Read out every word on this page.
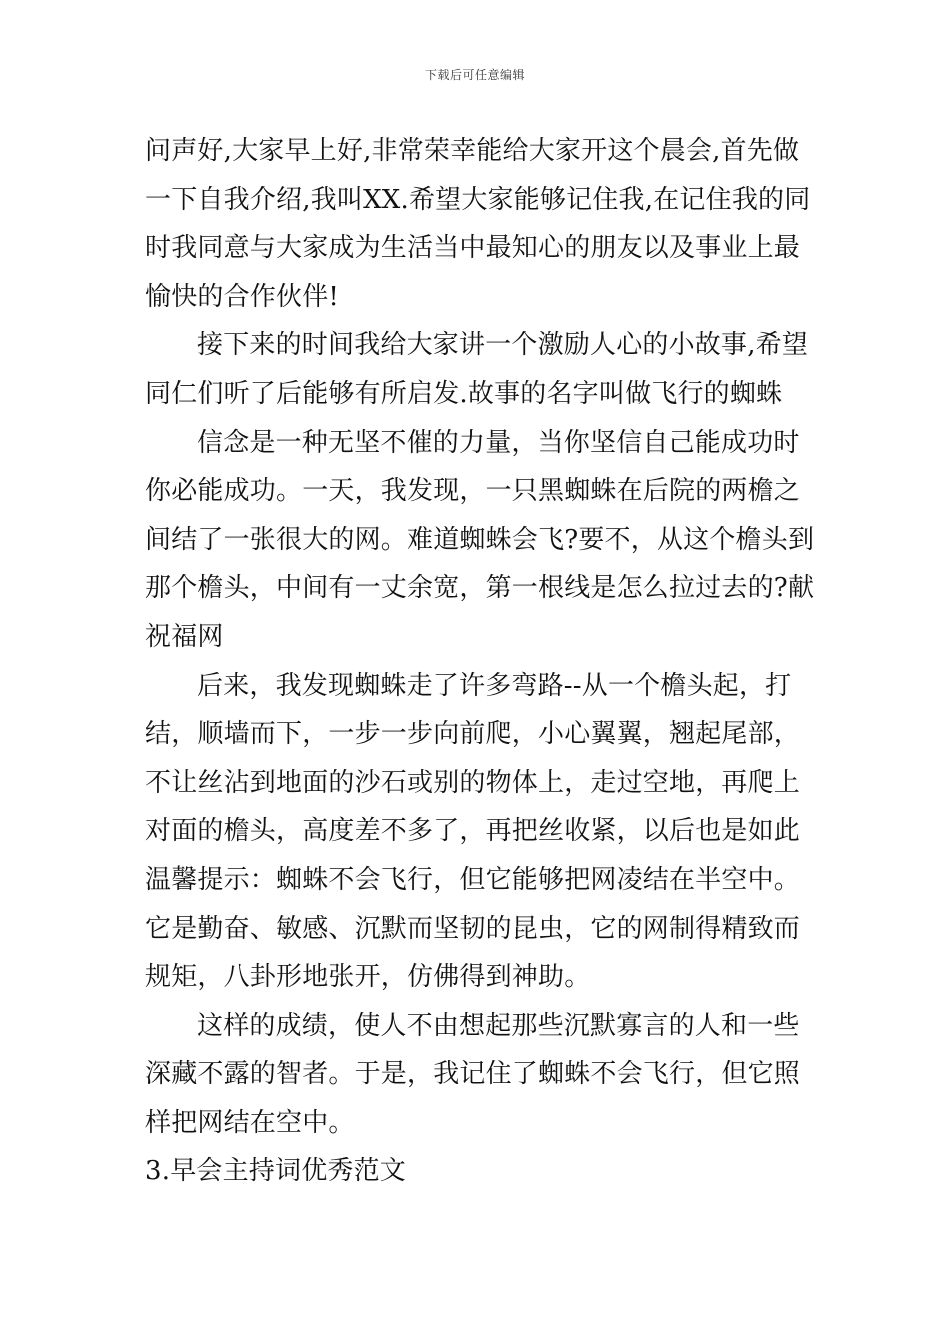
下载后可任意编辑
问声好,大家早上好,非常荣幸能给大家开这个晨会,首先做
一下自我介绍,我叫XX.希望大家能够记住我,在记住我的同
时我同意与大家成为生活当中最知心的朋友以及事业上最
愉快的合作伙伴!
接下来的时间我给大家讲一个激励人心的小故事,希望
同仁们听了后能够有所启发.故事的名字叫做飞行的蜘蛛
信念是一种无坚不催的力量，当你坚信自己能成功时
你必能成功。一天，我发现，一只黑蜘蛛在后院的两檐之
间结了一张很大的网。难道蜘蛛会飞?要不，从这个檐头到
那个檐头，中间有一丈余宽，第一根线是怎么拉过去的?献
祝福网
后来，我发现蜘蛛走了许多弯路--从一个檐头起，打
结，顺墙而下，一步一步向前爬，小心翼翼，翘起尾部，
不让丝沾到地面的沙石或别的物体上，走过空地，再爬上
对面的檐头，高度差不多了，再把丝收紧，以后也是如此
温馨提示：蜘蛛不会飞行，但它能够把网凌结在半空中。
它是勤奋、敏感、沉默而坚韧的昆虫，它的网制得精致而
规矩，八卦形地张开，仿佛得到神助。
这样的成绩，使人不由想起那些沉默寡言的人和一些
深藏不露的智者。于是，我记住了蜘蛛不会飞行，但它照
样把网结在空中。
3.早会主持词优秀范文
